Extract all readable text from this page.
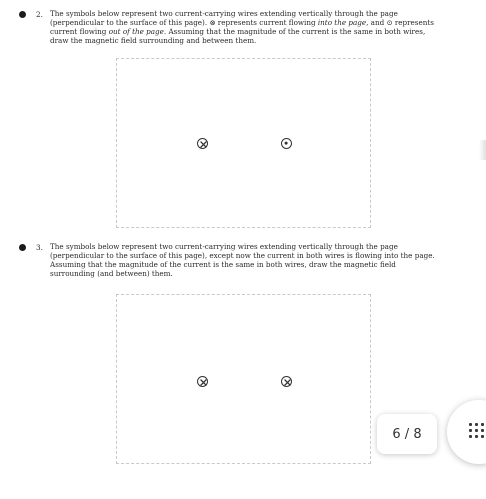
2. The symbols below represent two current-carrying wires extending vertically through the page (perpendicular to the surface of this page). ⊗ represents current flowing into the page, and ⊙ represents current flowing out of the page. Assuming that the magnitude of the current is the same in both wires, draw the magnetic field surrounding and between them.

3. The symbols below represent two current-carrying wires extending vertically through the page (perpendicular to the surface of this page), except now the current in both wires is flowing into the page. Assuming that the magnitude of the current is the same in both wires, draw the magnetic field surrounding (and between) them.

6 / 8
